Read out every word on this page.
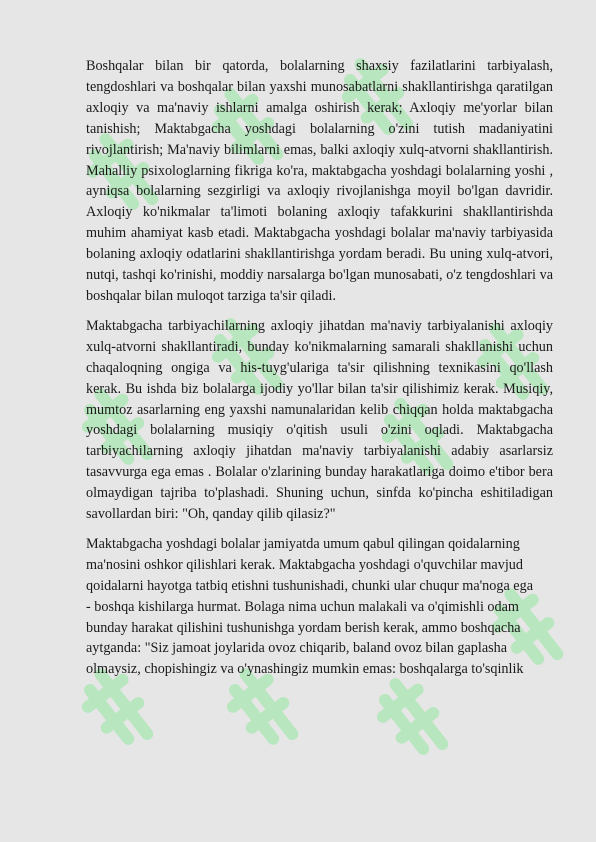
Boshqalar bilan bir qatorda, bolalarning shaxsiy fazilatlarini tarbiyalash, tengdoshlari va boshqalar bilan yaxshi munosabatlarni shakllantirishga qaratilgan axloqiy va ma'naviy ishlarni amalga oshirish kerak; Axloqiy me'yorlar bilan tanishish; Maktabgacha yoshdagi bolalarning o'zini tutish madaniyatini rivojlantirish; Ma'naviy bilimlarni emas, balki axloqiy xulq-atvorni shakllantirish. Mahalliy psixologlarning fikriga ko'ra, maktabgacha yoshdagi bolalarning yoshi , ayniqsa bolalarning sezgirligi va axloqiy rivojlanishga moyil bo'lgan davridir. Axloqiy ko'nikmalar ta'limoti bolaning axloqiy tafakkurini shakllantirishda muhim ahamiyat kasb etadi. Maktabgacha yoshdagi bolalar ma'naviy tarbiyasida bolaning axloqiy odatlarini shakllantirishga yordam beradi. Bu uning xulq-atvori, nutqi, tashqi ko'rinishi, moddiy narsalarga bo'lgan munosabati, o'z tengdoshlari va boshqalar bilan muloqot tarziga ta'sir qiladi.

Maktabgacha tarbiyachilarning axloqiy jihatdan ma'naviy tarbiyalanishi axloqiy xulq-atvorni shakllantiradi, bunday ko'nikmalarning samarali shakllanishi uchun chaqaloqning ongiga va his-tuyg'ulariga ta'sir qilishning texnikasini qo'llash kerak. Bu ishda biz bolalarga ijodiy yo'llar bilan ta'sir qilishimiz kerak. Musiqiy, mumtoz asarlarning eng yaxshi namunalaridan kelib chiqqan holda maktabgacha yoshdagi bolalarning musiqiy o'qitish usuli o'zini oqladi. Maktabgacha tarbiyachilarning axloqiy jihatdan ma'naviy tarbiyalanishi adabiy asarlarsiz tasavvurga ega emas . Bolalar o'zlarining bunday harakatlariga doimo e'tibor bera olmaydigan tajriba to'plashadi. Shuning uchun, sinfda ko'pincha eshitiladigan savollardan biri: "Oh, qanday qilib qilasiz?"

Maktabgacha yoshdagi bolalar jamiyatda umum qabul qilingan qoidalarning ma'nosini oshkor qilishlari kerak. Maktabgacha yoshdagi o'quvchilar mavjud qoidalarni hayotga tatbiq etishni tushunishadi, chunki ular chuqur ma'noga ega - boshqa kishilarga hurmat. Bolaga nima uchun malakali va o'qimishli odam bunday harakat qilishini tushunishga yordam berish kerak, ammo boshqacha aytganda: "Siz jamoat joylarida ovoz chiqarib, baland ovoz bilan gaplasha olmaysiz, chopishingiz va o'ynashingiz mumkin emas: boshqalarga to'sqinlik
